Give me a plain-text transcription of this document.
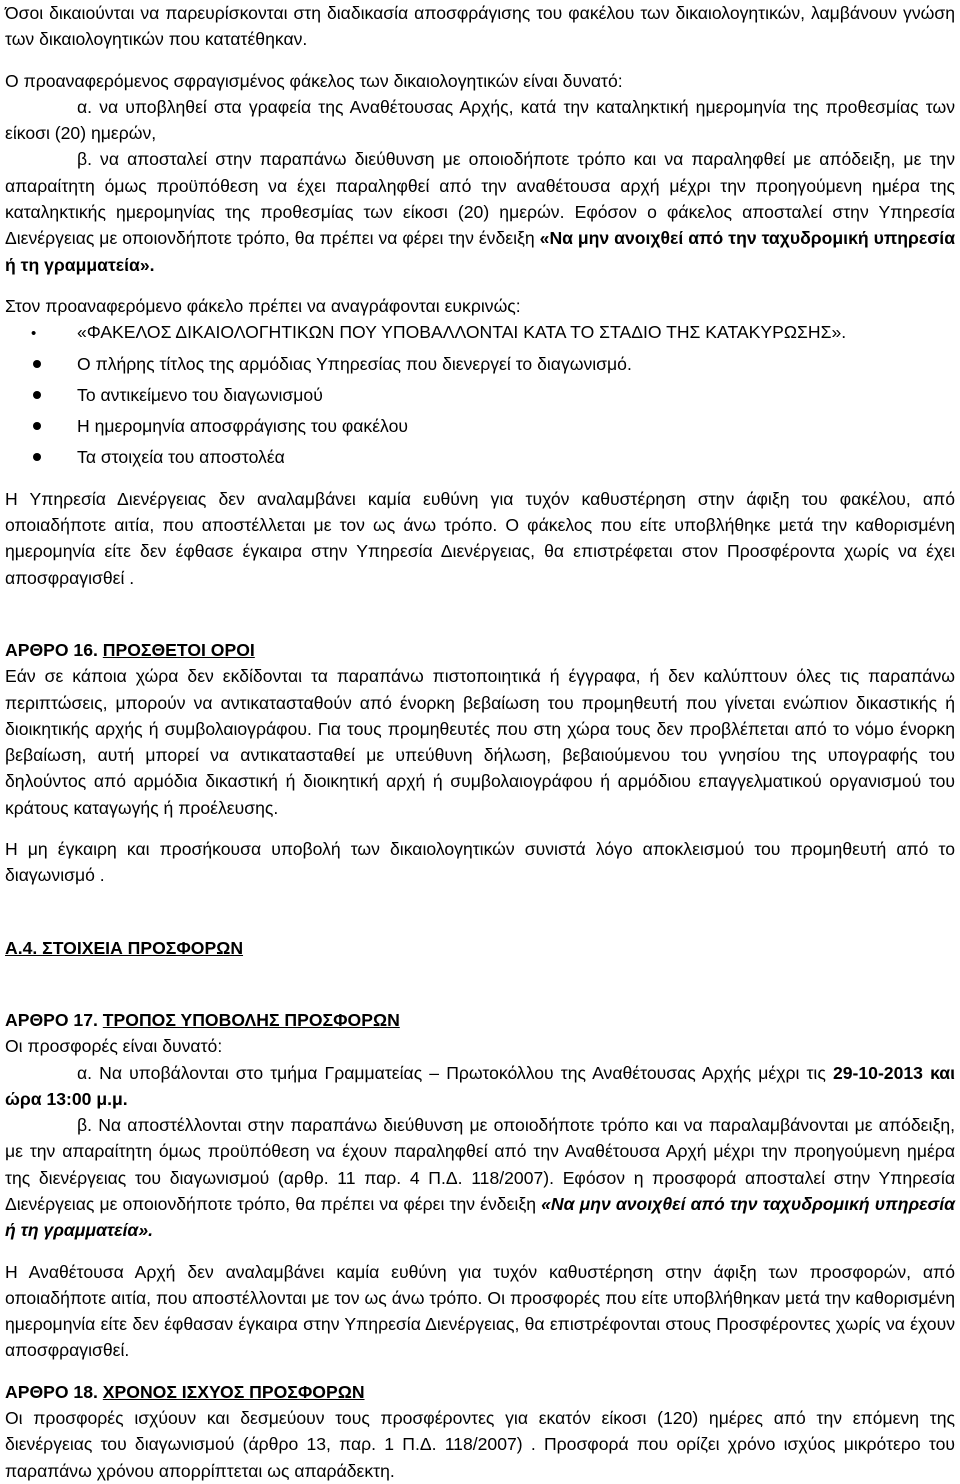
Όσοι δικαιούνται να παρευρίσκονται στη διαδικασία αποσφράγισης του φακέλου των δικαιολογητικών, λαμβάνουν γνώση των δικαιολογητικών που κατατέθηκαν.

Ο προαναφερόμενος σφραγισμένος φάκελος των δικαιολογητικών είναι δυνατό:

α. να υποβληθεί στα γραφεία της Αναθέτουσας Αρχής, κατά την καταληκτική ημερομηνία της προθεσμίας των είκοσι (20) ημερών,

β. να αποσταλεί στην παραπάνω διεύθυνση με οποιοδήποτε τρόπο και να παραληφθεί με απόδειξη, με την απαραίτητη όμως προϋπόθεση να έχει παραληφθεί από την αναθέτουσα αρχή μέχρι την προηγούμενη ημέρα της καταληκτικής ημερομηνίας της προθεσμίας των είκοσι (20) ημερών. Εφόσον ο φάκελος αποσταλεί στην Υπηρεσία Διενέργειας με οποιονδήποτε τρόπο, θα πρέπει να φέρει την ένδειξη «Να μην ανοιχθεί από την ταχυδρομική υπηρεσία ή τη γραμματεία».

Στον προαναφερόμενο φάκελο πρέπει να αναγράφονται ευκρινώς:

•
«ΦΑΚΕΛΟΣ ΔΙΚΑΙΟΛΟΓΗΤΙΚΩΝ ΠΟΥ ΥΠΟΒΑΛΛΟΝΤΑΙ ΚΑΤΑ ΤΟ ΣΤΑΔΙΟ ΤΗΣ ΚΑΤΑΚΥΡΩΣΗΣ».
Ο πλήρης τίτλος της αρμόδιας Υπηρεσίας που διενεργεί το διαγωνισμό.
Το αντικείμενο του διαγωνισμού
Η ημερομηνία αποσφράγισης του φακέλου
Τα στοιχεία του αποστολέα

Η Υπηρεσία Διενέργειας δεν αναλαμβάνει καμία ευθύνη για τυχόν καθυστέρηση στην άφιξη του φακέλου, από οποιαδήποτε αιτία, που αποστέλλεται με τον ως άνω τρόπο. Ο φάκελος που είτε υποβλήθηκε μετά την καθορισμένη ημερομηνία είτε δεν έφθασε έγκαιρα στην Υπηρεσία Διενέργειας, θα επιστρέφεται στον Προσφέροντα χωρίς να έχει αποσφραγισθεί .

ΑΡΘΡΟ 16. ΠΡΟΣΘΕΤΟΙ ΟΡΟΙ

Εάν σε κάποια χώρα δεν εκδίδονται τα παραπάνω πιστοποιητικά ή έγγραφα, ή δεν καλύπτουν όλες τις παραπάνω περιπτώσεις, μπορούν να αντικατασταθούν από ένορκη βεβαίωση του προμηθευτή που γίνεται ενώπιον δικαστικής ή διοικητικής αρχής ή συμβολαιογράφου. Για τους προμηθευτές που στη χώρα τους δεν προβλέπεται από το νόμο ένορκη βεβαίωση, αυτή μπορεί να αντικατασταθεί με υπεύθυνη δήλωση, βεβαιούμενου του γνησίου της υπογραφής του δηλούντος από αρμόδια δικαστική ή διοικητική αρχή ή συμβολαιογράφου ή αρμόδιου επαγγελματικού οργανισμού του κράτους καταγωγής ή προέλευσης.

Η μη έγκαιρη και προσήκουσα υποβολή των δικαιολογητικών συνιστά λόγο αποκλεισμού του προμηθευτή από το διαγωνισμό .

Α.4. ΣΤΟΙΧΕΙΑ ΠΡΟΣΦΟΡΩΝ

ΑΡΘΡΟ 17. ΤΡΟΠΟΣ ΥΠΟΒΟΛΗΣ ΠΡΟΣΦΟΡΩΝ

Οι προσφορές είναι δυνατό:

α. Να υποβάλονται στο τμήμα Γραμματείας – Πρωτοκόλλου της Αναθέτουσας Αρχής μέχρι τις 29-10-2013 και ώρα 13:00 μ.μ.

β. Να αποστέλλονται στην παραπάνω διεύθυνση με οποιοδήποτε τρόπο και να παραλαμβάνονται με απόδειξη, με την απαραίτητη όμως προϋπόθεση να έχουν παραληφθεί από την Αναθέτουσα Αρχή μέχρι την προηγούμενη ημέρα της διενέργειας του διαγωνισμού (αρθρ. 11 παρ. 4 Π.Δ. 118/2007). Εφόσον η προσφορά αποσταλεί στην Υπηρεσία Διενέργειας με οποιονδήποτε τρόπο, θα πρέπει να φέρει την ένδειξη «Να μην ανοιχθεί από την ταχυδρομική υπηρεσία ή τη γραμματεία».

Η Αναθέτουσα Αρχή δεν αναλαμβάνει καμία ευθύνη για τυχόν καθυστέρηση στην άφιξη των προσφορών, από οποιαδήποτε αιτία, που αποστέλλονται με τον ως άνω τρόπο. Οι προσφορές που είτε υποβλήθηκαν μετά την καθορισμένη ημερομηνία είτε δεν έφθασαν έγκαιρα στην Υπηρεσία Διενέργειας, θα επιστρέφονται στους Προσφέροντες χωρίς να έχουν αποσφραγισθεί.

ΑΡΘΡΟ 18. ΧΡΟΝΟΣ ΙΣΧΥΟΣ ΠΡΟΣΦΟΡΩΝ

Οι προσφορές ισχύουν και δεσμεύουν τους προσφέροντες για εκατόν είκοσι (120) ημέρες από την επόμενη της διενέργειας του διαγωνισμού (άρθρο 13, παρ. 1 Π.Δ. 118/2007) . Προσφορά που ορίζει χρόνο ισχύος μικρότερο του παραπάνω χρόνου απορρίπτεται ως απαράδεκτη.
